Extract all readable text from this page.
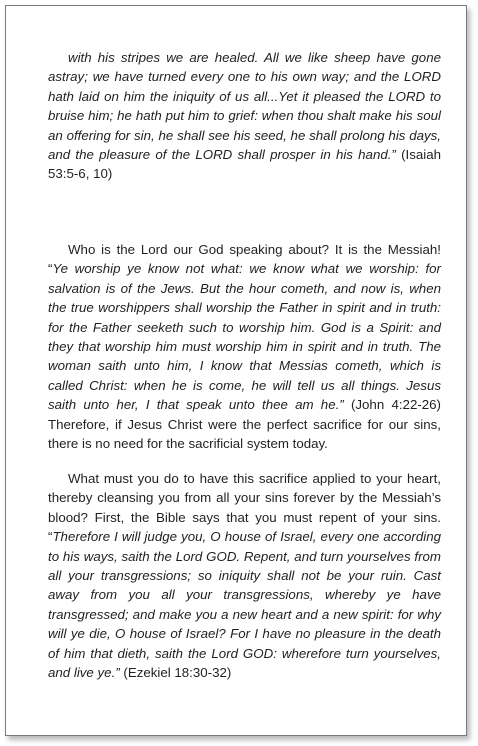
with his stripes we are healed. All we like sheep have gone astray; we have turned every one to his own way; and the LORD hath laid on him the iniquity of us all...Yet it pleased the LORD to bruise him; he hath put him to grief: when thou shalt make his soul an offering for sin, he shall see his seed, he shall prolong his days, and the pleasure of the LORD shall prosper in his hand.” (Isaiah 53:5-6, 10)

Who is the Lord our God speaking about? It is the Messiah! “Ye worship ye know not what: we know what we worship: for salvation is of the Jews. But the hour cometh, and now is, when the true worshippers shall worship the Father in spirit and in truth: for the Father seeketh such to worship him. God is a Spirit: and they that worship him must worship him in spirit and in truth. The woman saith unto him, I know that Messias cometh, which is called Christ: when he is come, he will tell us all things. Jesus saith unto her, I that speak unto thee am he.” (John 4:22-26) Therefore, if Jesus Christ were the perfect sacrifice for our sins, there is no need for the sacrificial system today.

What must you do to have this sacrifice applied to your heart, thereby cleansing you from all your sins forever by the Messiah’s blood? First, the Bible says that you must repent of your sins. “Therefore I will judge you, O house of Israel, every one according to his ways, saith the Lord GOD. Repent, and turn yourselves from all your transgressions; so iniquity shall not be your ruin. Cast away from you all your transgressions, whereby ye have transgressed; and make you a new heart and a new spirit: for why will ye die, O house of Israel? For I have no pleasure in the death of him that dieth, saith the Lord GOD: wherefore turn yourselves, and live ye.” (Ezekiel 18:30-32)
